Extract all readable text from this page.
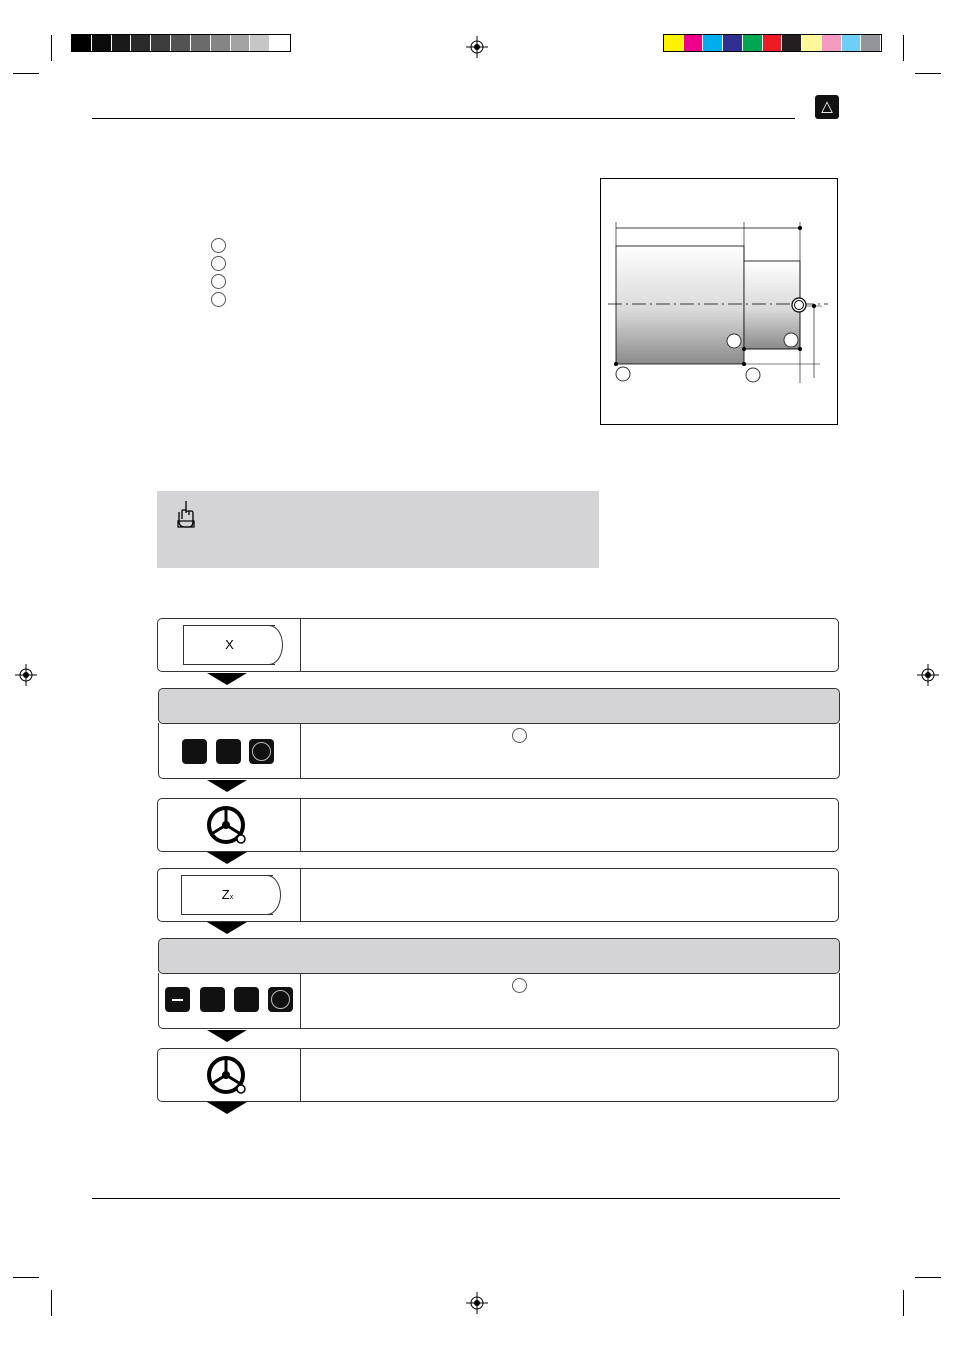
△
X
Zx
